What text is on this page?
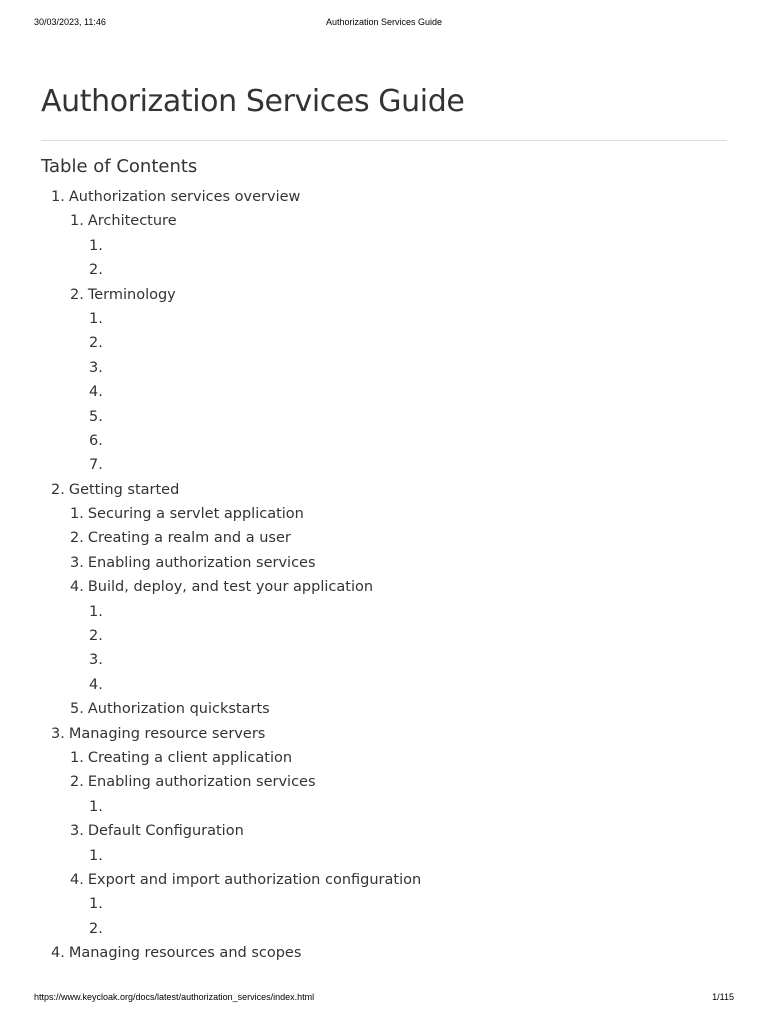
30/03/2023, 11:46	Authorization Services Guide
Authorization Services Guide
Table of Contents
1. Authorization services overview
1. Architecture
1.
2.
2. Terminology
1.
2.
3.
4.
5.
6.
7.
2. Getting started
1. Securing a servlet application
2. Creating a realm and a user
3. Enabling authorization services
4. Build, deploy, and test your application
1.
2.
3.
4.
5. Authorization quickstarts
3. Managing resource servers
1. Creating a client application
2. Enabling authorization services
1.
3. Default Configuration
1.
4. Export and import authorization configuration
1.
2.
4. Managing resources and scopes
https://www.keycloak.org/docs/latest/authorization_services/index.html	1/115
